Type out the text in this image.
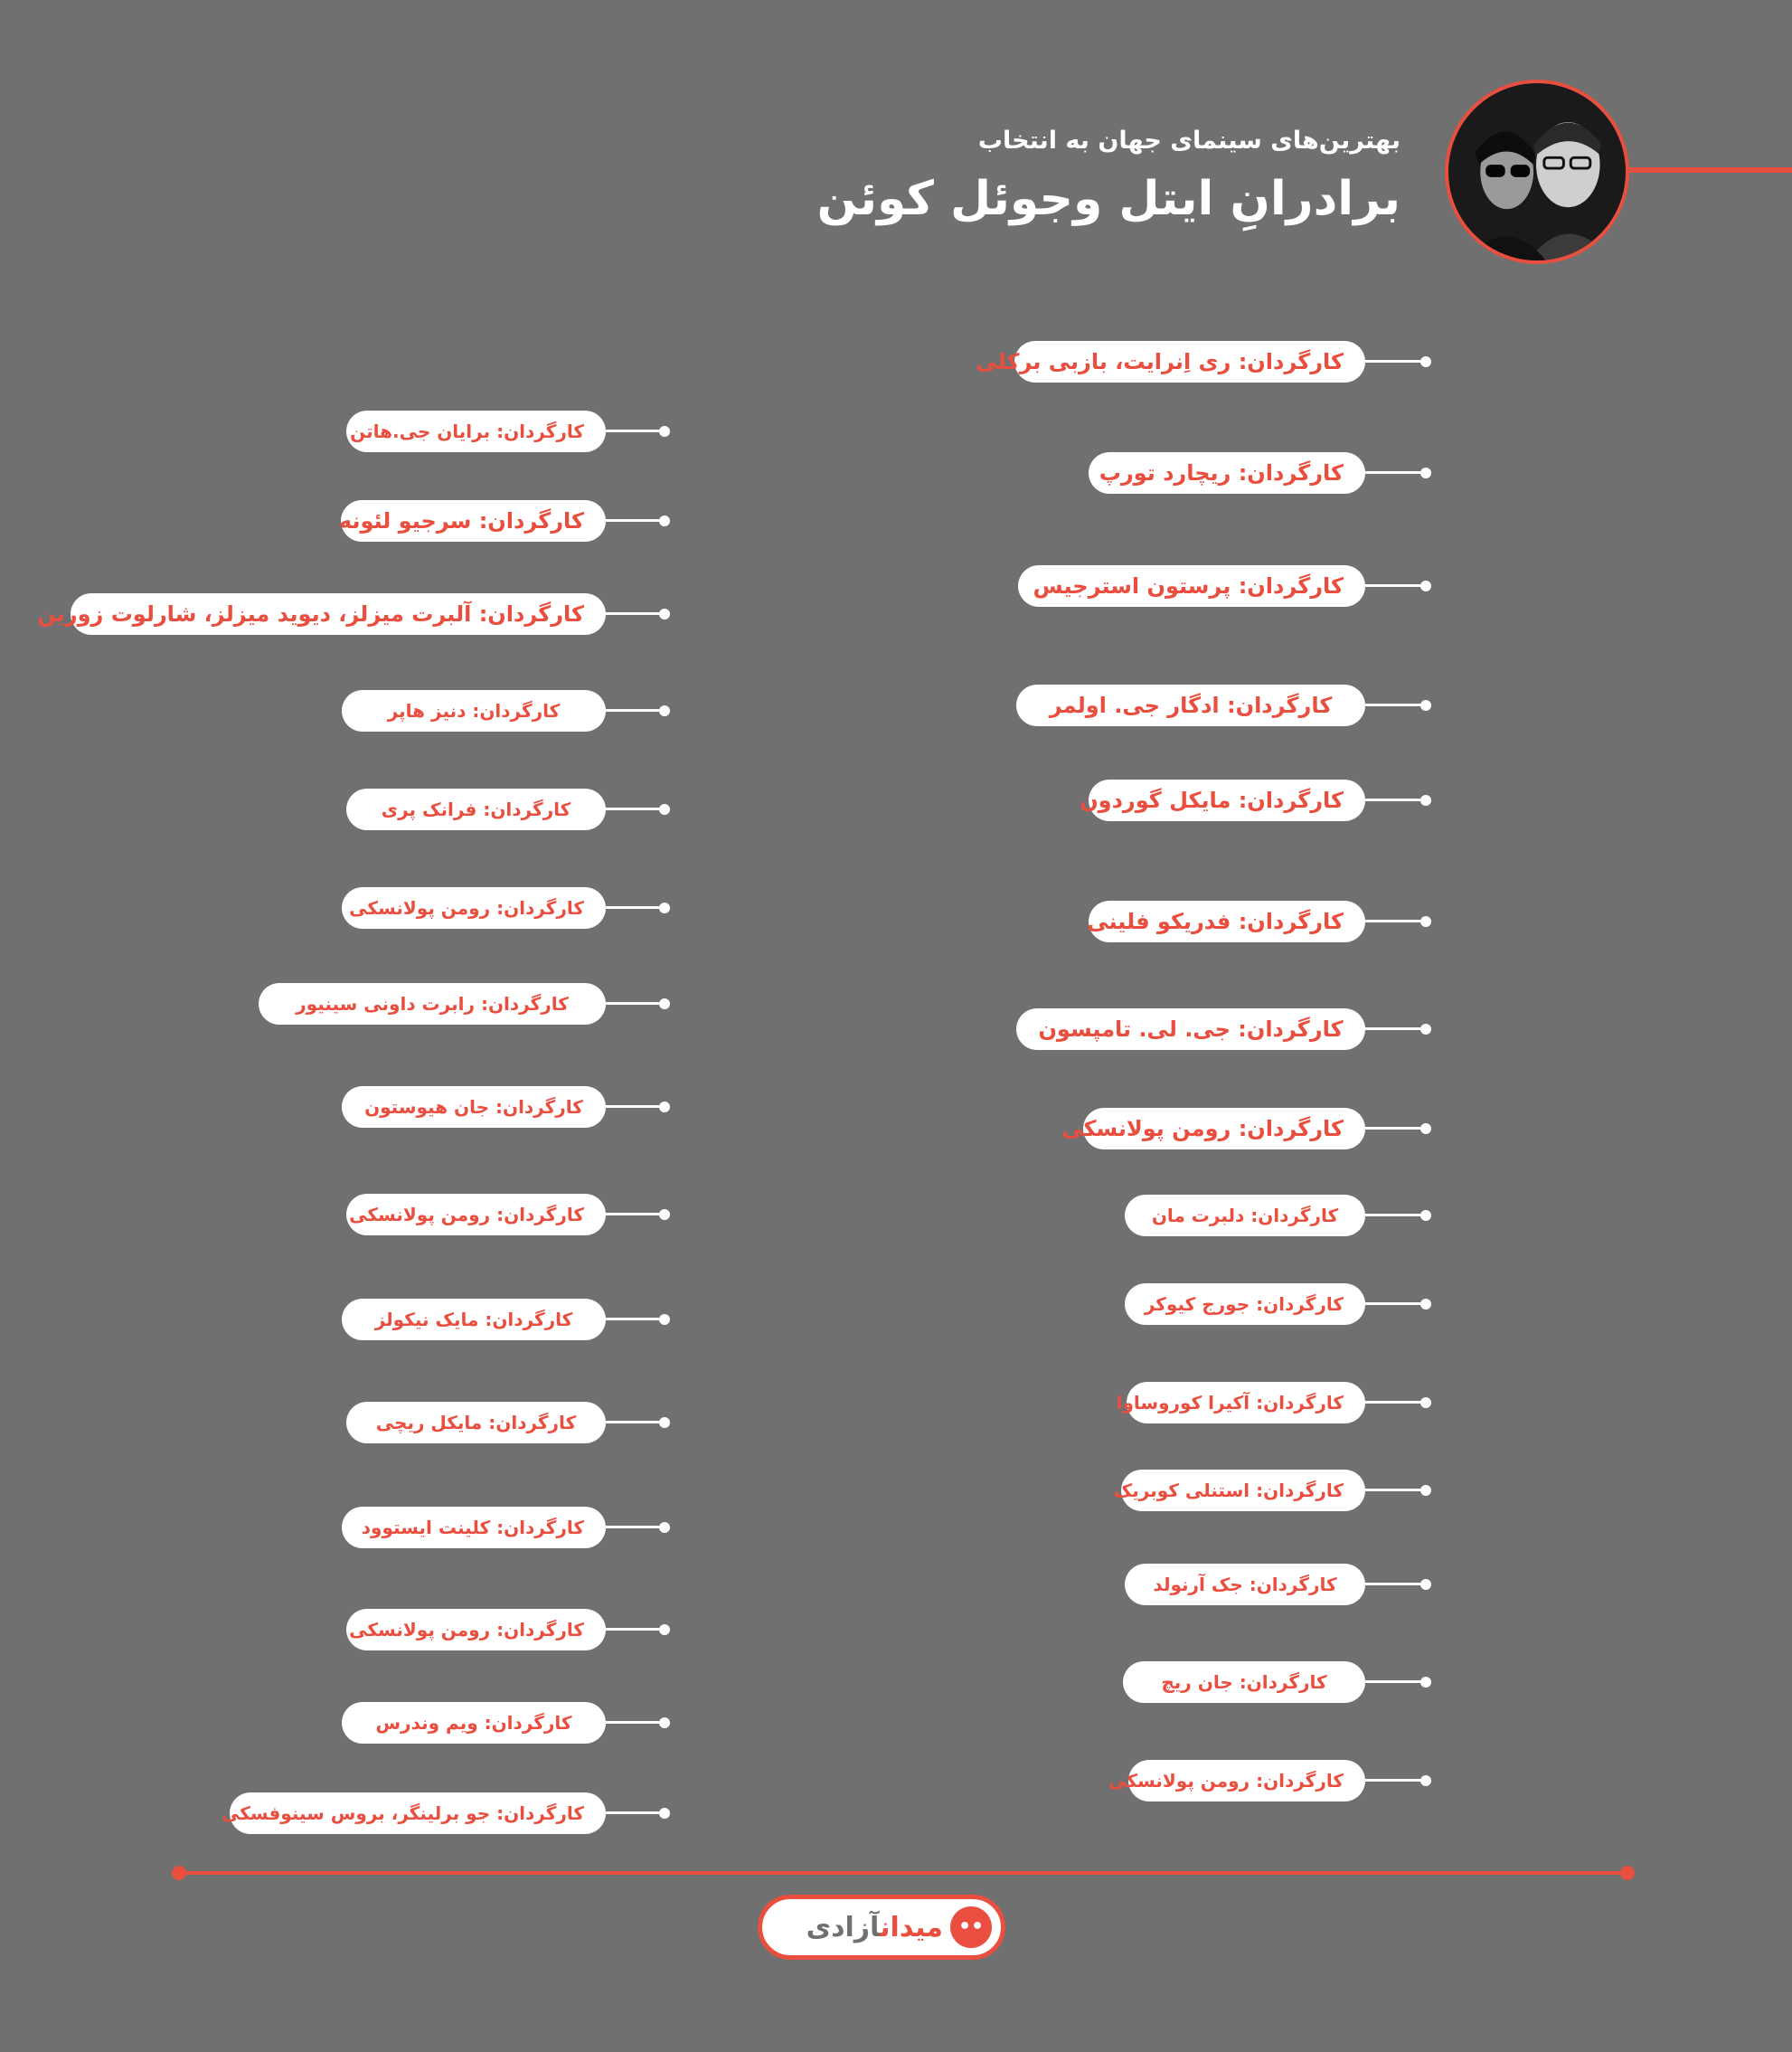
بهترین‌های سینمای جهان به انتخاب
برادرانِ ایتل وجوئل کوئن
کارگردان: ری اِنرایت، بازبی برکلی
کارگردان: ریچارد تورپ
کارگردان: پرستون استرجیس
کارگردان: ادگار جی. اولمر
کارگردان: مایکل گوردون
کارگردان: فدریکو فلینی
کارگردان: جی. لی. تامپسون
کارگردان: رومن پولانسکی
کارگردان: دلبرت مان
کارگردان: جورج کیوکر
کارگردان: آکیرا کوروساوا
کارگردان: استنلی کوبریک
کارگردان: جک آرنولد
کارگردان: جان ریچ
کارگردان: رومن پولانسکی
کارگردان: برایان جی.هاتن
کارگردان: سرجیو لئونه
کارگردان: آلبرت میزلز، دیوید میزلز، شارلوت زورین
کارگردان: دنیز هاپر
کارگردان: فرانک پری
کارگردان: رومن پولانسکی
کارگردان: رابرت داونی سینیور
کارگردان: جان هیوستون
کارگردان: رومن پولانسکی
کارگردان: مایک نیکولز
کارگردان: مایکل ریچی
کارگردان: کلینت ایستوود
کارگردان: رومن پولانسکی
کارگردان: ویم وندرس
کارگردان: جو برلینگر، بروس سینوفسکی
••
میدانآزادی
